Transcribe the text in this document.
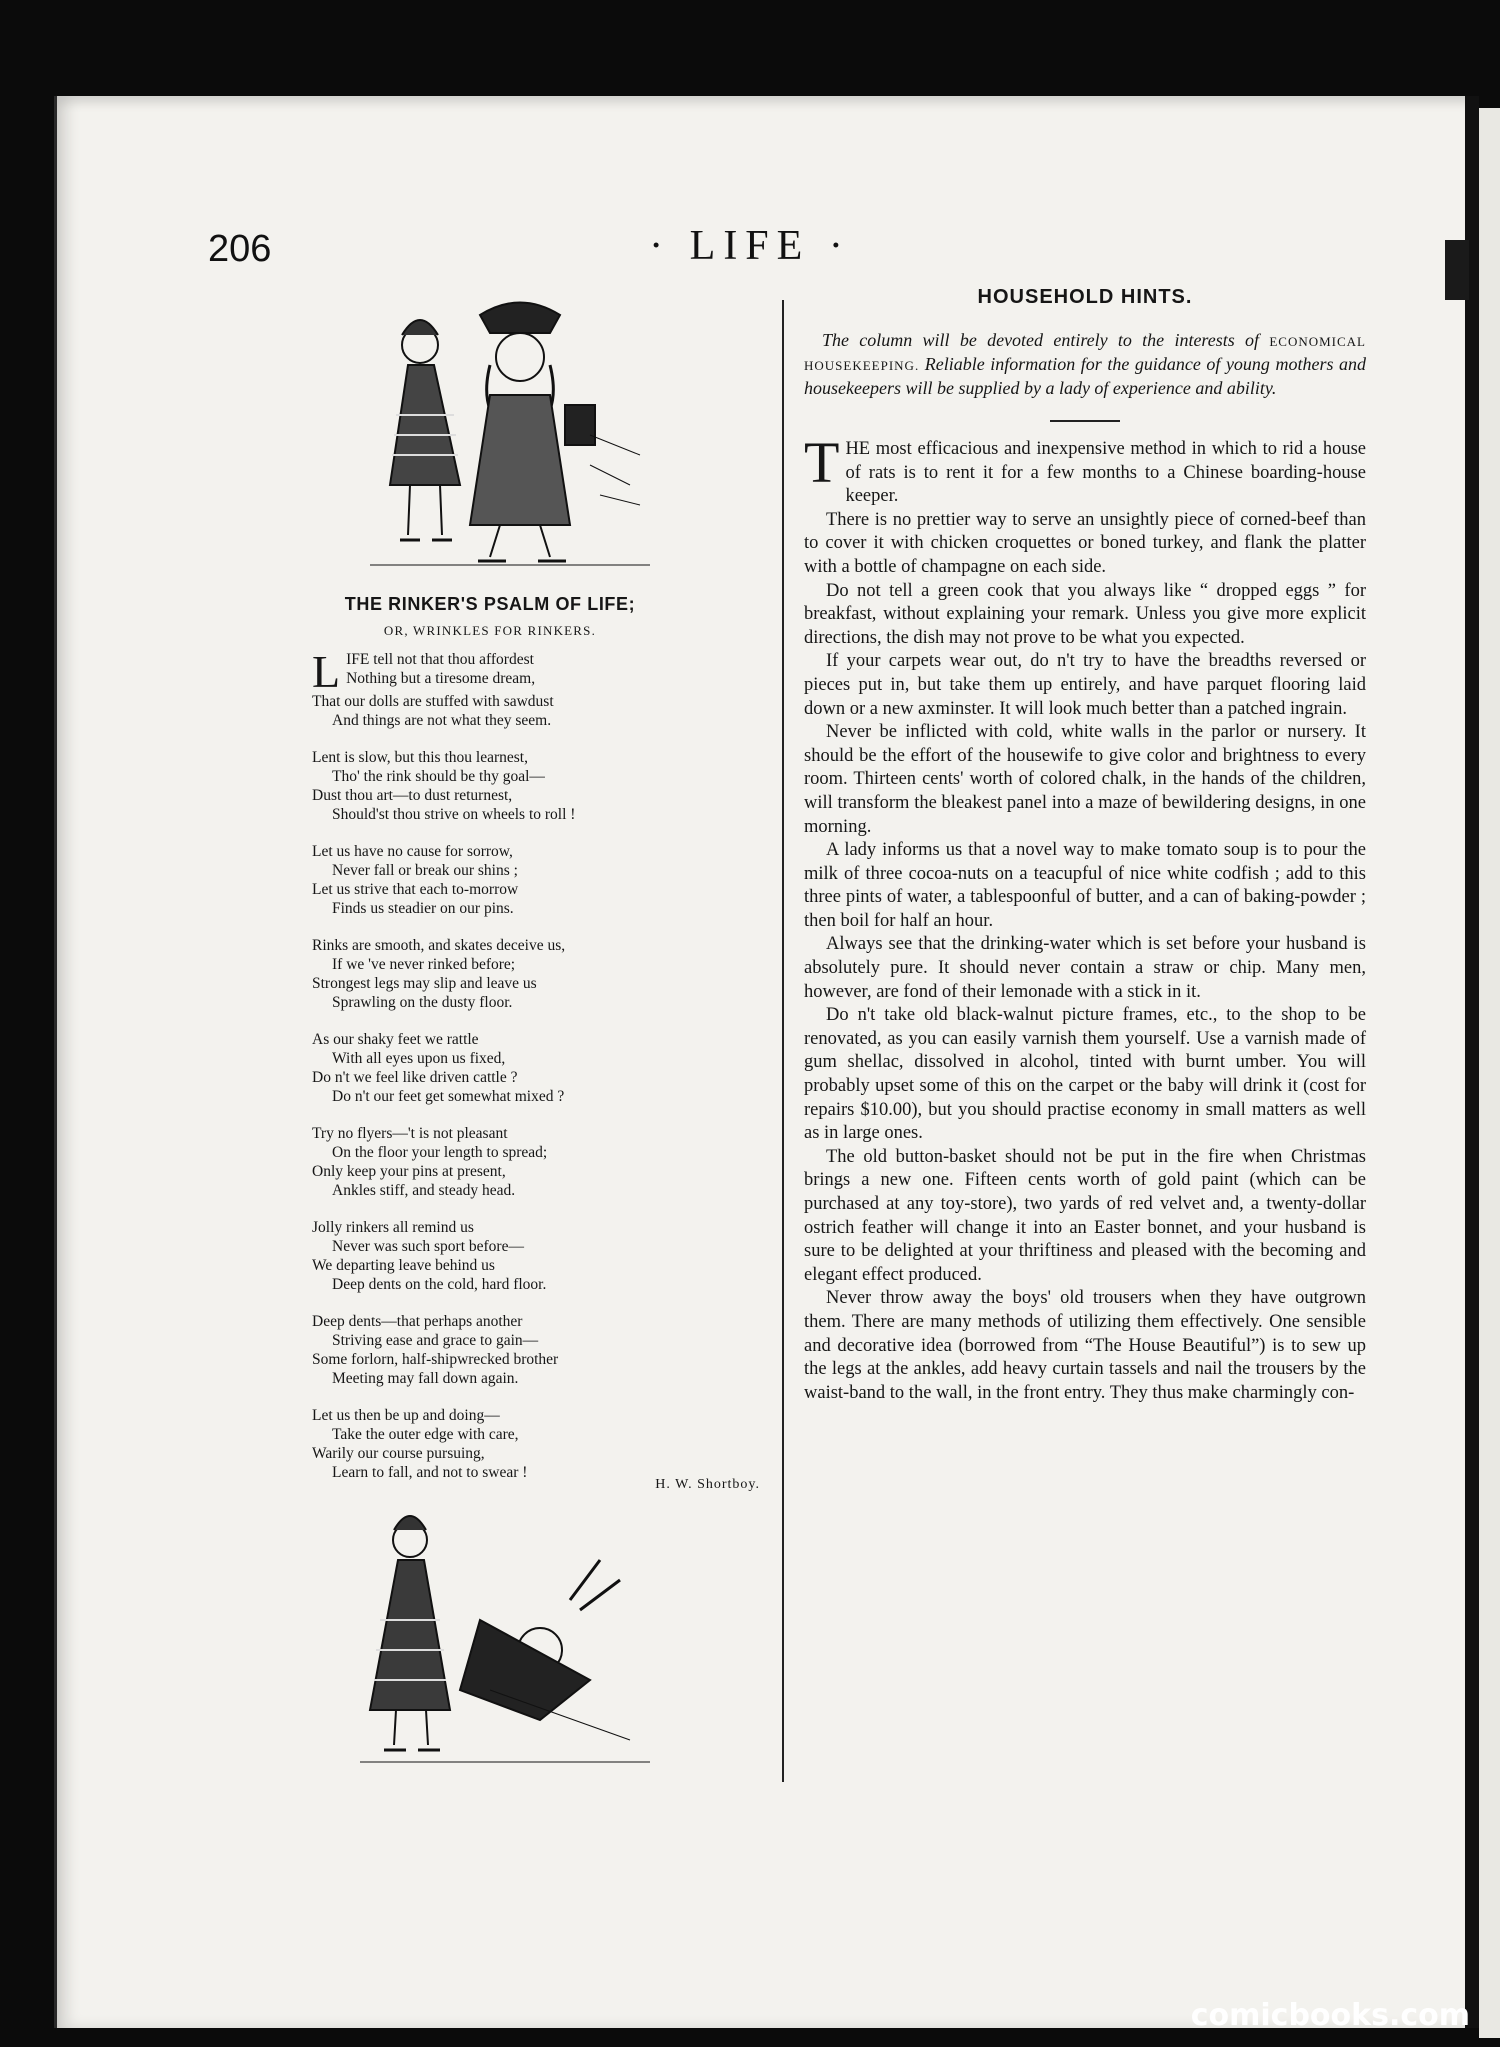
206	· LIFE ·
THE RINKER'S PSALM OF LIFE;
OR, WRINKLES FOR RINKERS.
L IFE tell not that thou affordest
Nothing but a tiresome dream,
That our dolls are stuffed with sawdust
And things are not what they seem.
Lent is slow, but this thou learnest,
Tho' the rink should be thy goal—
Dust thou art—to dust returnest,
Should'st thou strive on wheels to roll !
Let us have no cause for sorrow,
Never fall or break our shins ;
Let us strive that each to-morrow
Finds us steadier on our pins.
Rinks are smooth, and skates deceive us,
If we 've never rinked before;
Strongest legs may slip and leave us
Sprawling on the dusty floor.
As our shaky feet we rattle
With all eyes upon us fixed,
Do n't we feel like driven cattle ?
Do n't our feet get somewhat mixed ?
Try no flyers—'t is not pleasant
On the floor your length to spread;
Only keep your pins at present,
Ankles stiff, and steady head.
Jolly rinkers all remind us
Never was such sport before—
We departing leave behind us
Deep dents on the cold, hard floor.
Deep dents—that perhaps another
Striving ease and grace to gain—
Some forlorn, half-shipwrecked brother
Meeting may fall down again.
Let us then be up and doing—
Take the outer edge with care,
Warily our course pursuing,
Learn to fall, and not to swear !
H. W. Shortboy.
HOUSEHOLD HINTS.

The column will be devoted entirely to the interests of ECONOMICAL HOUSEKEEPING. Reliable information for the guidance of young mothers and housekeepers will be supplied by a lady of experience and ability.

THE most efficacious and inexpensive method in which to rid a house of rats is to rent it for a few months to a Chinese boarding-house keeper.

There is no prettier way to serve an unsightly piece of corned-beef than to cover it with chicken croquettes or boned turkey, and flank the platter with a bottle of champagne on each side.

Do not tell a green cook that you always like “ dropped eggs ” for breakfast, without explaining your remark. Unless you give more explicit directions, the dish may not prove to be what you expected.

If your carpets wear out, do n't try to have the breadths reversed or pieces put in, but take them up entirely, and have parquet flooring laid down or a new axminster. It will look much better than a patched ingrain.

Never be inflicted with cold, white walls in the parlor or nursery. It should be the effort of the housewife to give color and brightness to every room. Thirteen cents' worth of colored chalk, in the hands of the children, will transform the bleakest panel into a maze of bewildering designs, in one morning.

A lady informs us that a novel way to make tomato soup is to pour the milk of three cocoa-nuts on a teacupful of nice white codfish ; add to this three pints of water, a tablespoonful of butter, and a can of baking-powder ; then boil for half an hour.

Always see that the drinking-water which is set before your husband is absolutely pure. It should never contain a straw or chip. Many men, however, are fond of their lemonade with a stick in it.

Do n't take old black-walnut picture frames, etc., to the shop to be renovated, as you can easily varnish them yourself. Use a varnish made of gum shellac, dissolved in alcohol, tinted with burnt umber. You will probably upset some of this on the carpet or the baby will drink it (cost for repairs $10.00), but you should practise economy in small matters as well as in large ones.

The old button-basket should not be put in the fire when Christmas brings a new one. Fifteen cents worth of gold paint (which can be purchased at any toy-store), two yards of red velvet and, a twenty-dollar ostrich feather will change it into an Easter bonnet, and your husband is sure to be delighted at your thriftiness and pleased with the becoming and elegant effect produced.

Never throw away the boys' old trousers when they have outgrown them. There are many methods of utilizing them effectively. One sensible and decorative idea (borrowed from “The House Beautiful”) is to sew up the legs at the ankles, add heavy curtain tassels and nail the trousers by the waist-band to the wall, in the front entry. They thus make charmingly con-

comicbooks.com
